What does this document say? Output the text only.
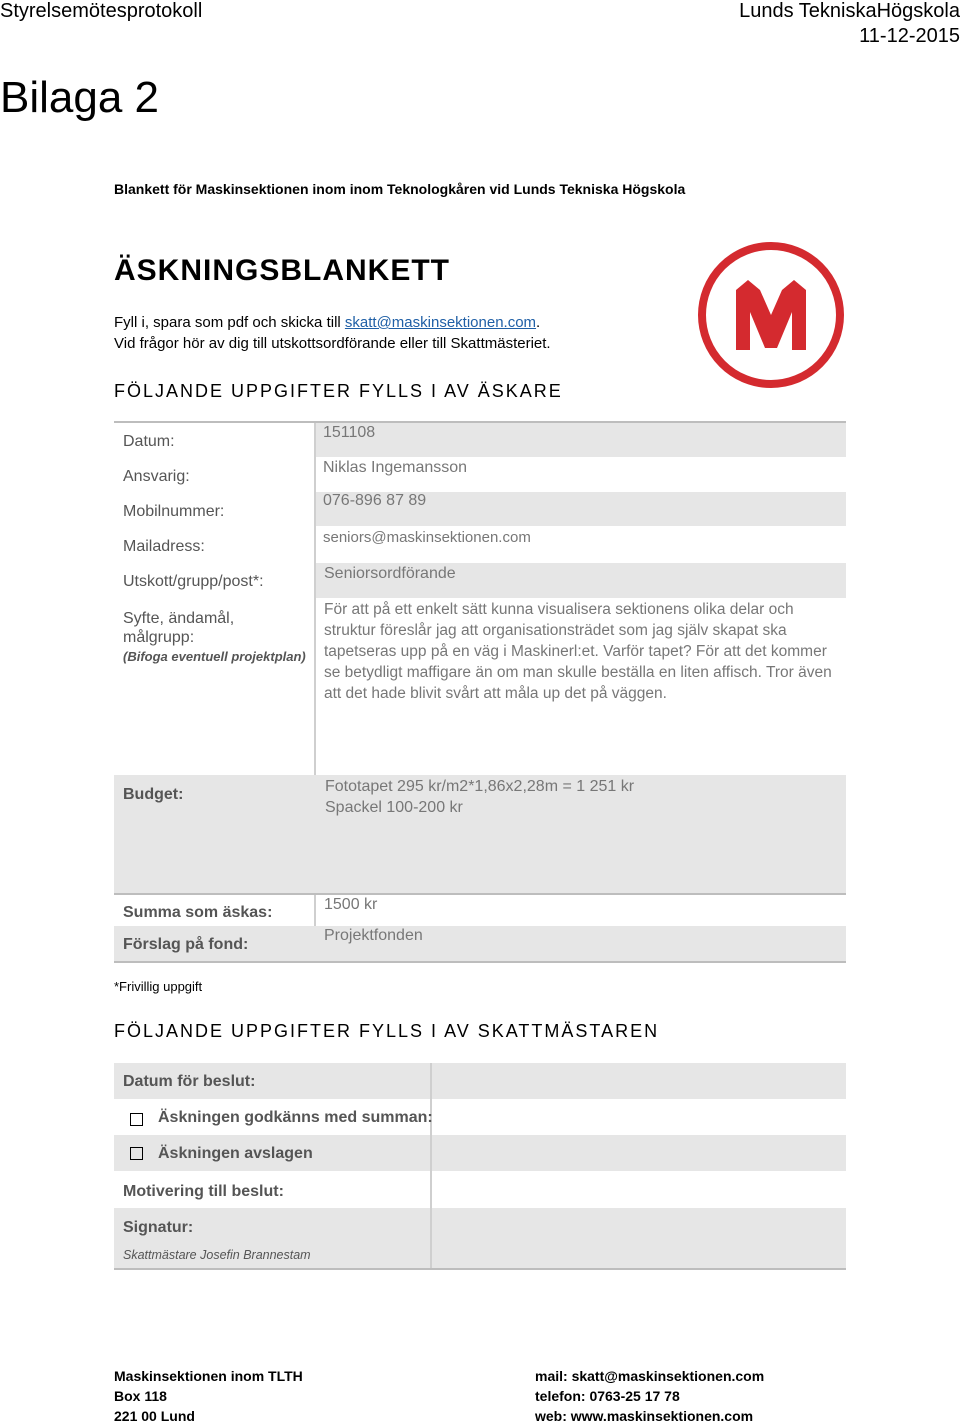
Styrelsemötesprotokoll	Lunds TekniskaHögskola
11-12-2015
Bilaga 2
Blankett för Maskinsektionen inom inom Teknologkåren vid Lunds Tekniska Högskola
ÄSKNINGSBLANKETT
Fyll i, spara som pdf och skicka till skatt@maskinsektionen.com.
Vid frågor hör av dig till utskottsordförande eller till Skattmästeriet.
FÖLJANDE UPPGIFTER FYLLS I AV ÄSKARE
Datum:
151108
Ansvarig:
Niklas Ingemansson
Mobilnummer:
076-896 87 89
Mailadress:
seniors@maskinsektionen.com
Utskott/grupp/post*:	Seniorsordförande
Syfte, ändamål,
målgrupp:
(Bifoga eventuell projektplan)
För att på ett enkelt sätt kunna visualisera sektionens olika delar och struktur föreslår jag att organisationsträdet som jag själv skapat ska tapetseras upp på en väg i Maskinerl:et. Varför tapet? För att det kommer se betydligt maffigare än om man skulle beställa en liten affisch. Tror även att det hade blivit svårt att måla up det på väggen.
Budget:	Fototapet 295 kr/m2*1,86x2,28m = 1 251 kr
Spackel 100-200 kr
Summa som äskas:	1500 kr
Förslag på fond:
Projektfonden
*Frivillig uppgift
FÖLJANDE UPPGIFTER FYLLS I AV SKATTMÄSTAREN
Datum för beslut:
Äskningen godkänns med summan:
Äskningen avslagen
Motivering till beslut:
Signatur:
Skattmästare Josefin Brannestam
Maskinsektionen inom TLTH
Box 118
221 00 Lund
mail: skatt@maskinsektionen.com
telefon: 0763-25 17 78
web: www.maskinsektionen.com
